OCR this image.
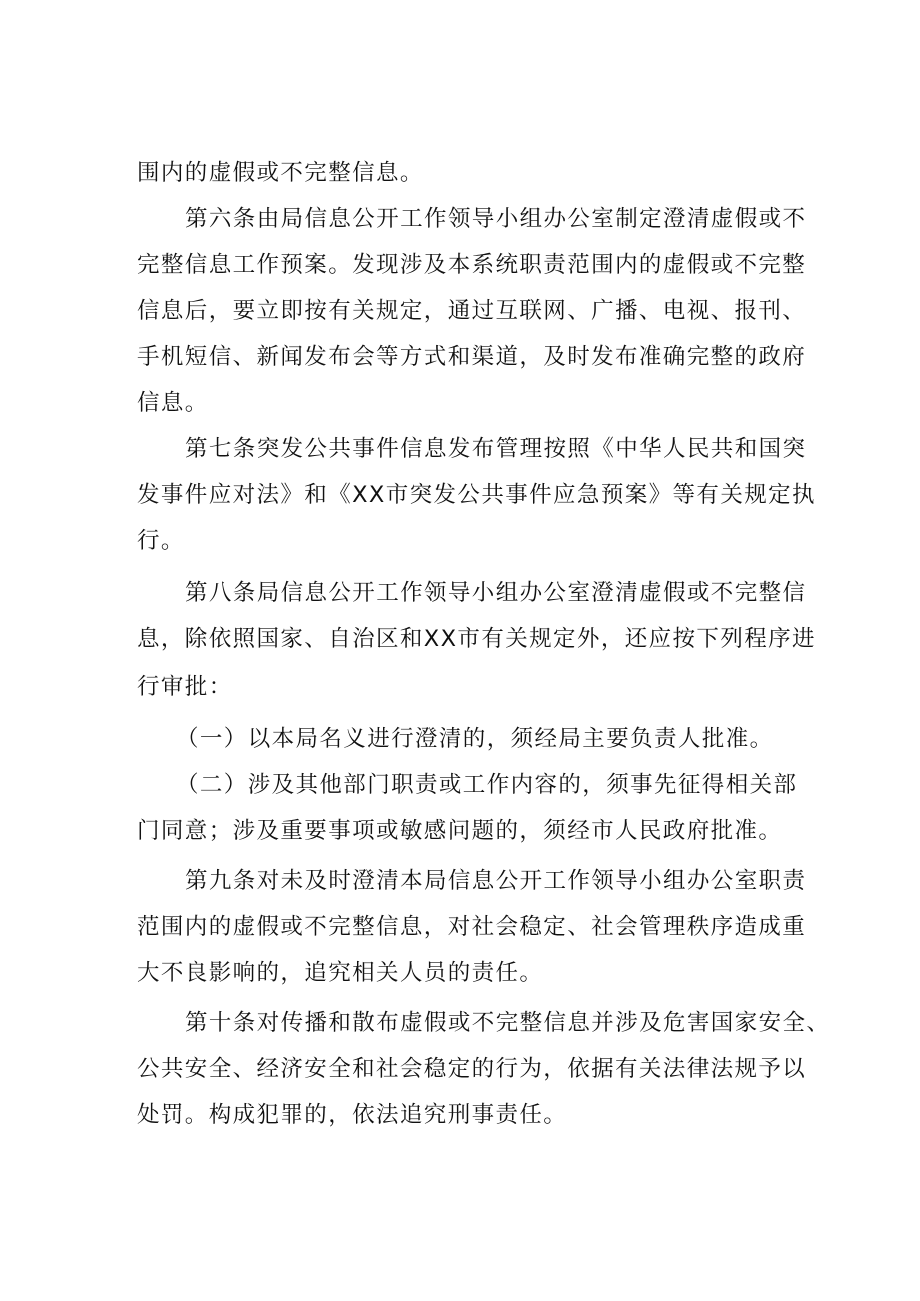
围内的虚假或不完整信息。
第六条由局信息公开工作领导小组办公室制定澄清虚假或不
完整信息工作预案。发现涉及本系统职责范围内的虚假或不完整
信息后，要立即按有关规定，通过互联网、广播、电视、报刊、
手机短信、新闻发布会等方式和渠道，及时发布准确完整的政府
信息。
第七条突发公共事件信息发布管理按照《中华人民共和国突
发事件应对法》和《XX市突发公共事件应急预案》等有关规定执
行。
第八条局信息公开工作领导小组办公室澄清虚假或不完整信
息，除依照国家、自治区和XX市有关规定外，还应按下列程序进
行审批：
（一）以本局名义进行澄清的，须经局主要负责人批准。
（二）涉及其他部门职责或工作内容的，须事先征得相关部
门同意；涉及重要事项或敏感问题的，须经市人民政府批准。
第九条对未及时澄清本局信息公开工作领导小组办公室职责
范围内的虚假或不完整信息，对社会稳定、社会管理秩序造成重
大不良影响的，追究相关人员的责任。
第十条对传播和散布虚假或不完整信息并涉及危害国家安全、
公共安全、经济安全和社会稳定的行为，依据有关法律法规予以
处罚。构成犯罪的，依法追究刑事责任。
